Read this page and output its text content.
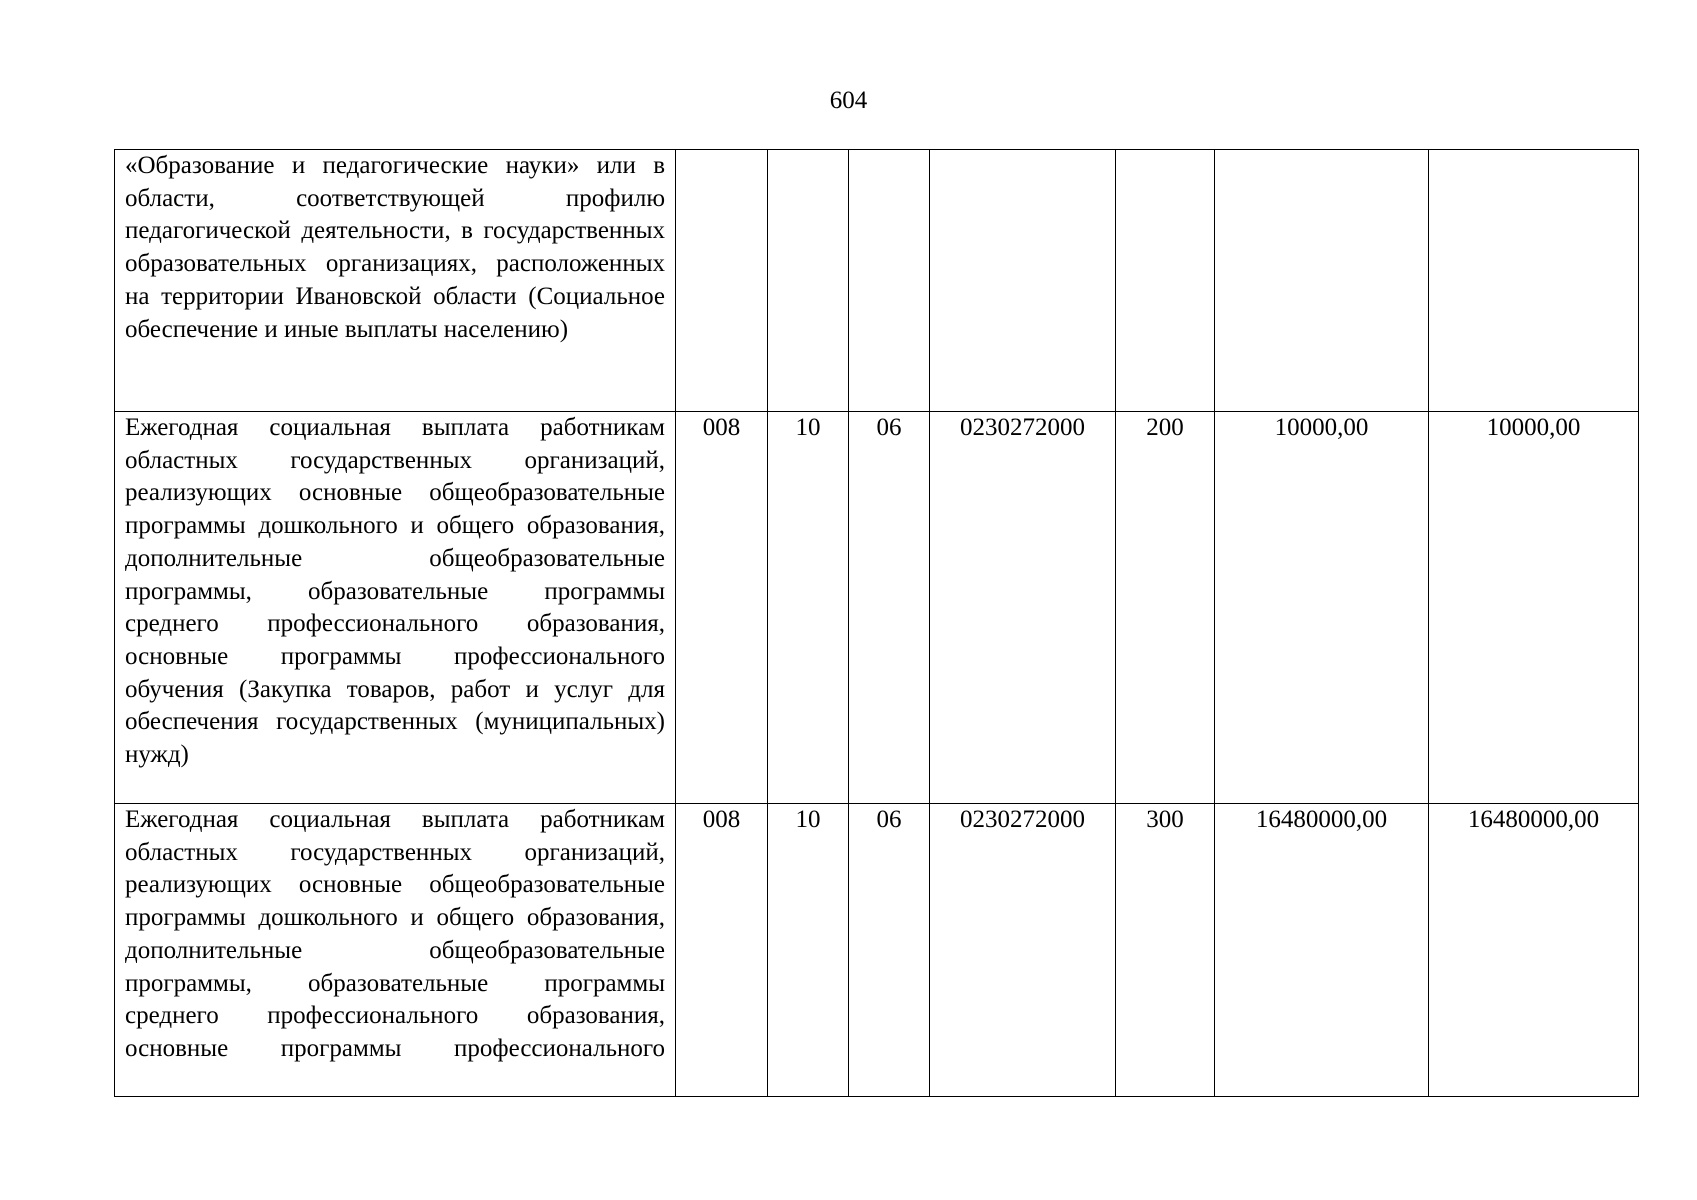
604
«Образование и педагогические науки» или в области, соответствующей профилю педагогической деятельности, в государственных образовательных организациях, расположенных на территории Ивановской области (Социальное обеспечение и иные выплаты населению)							
Ежегодная социальная выплата работникам областных государственных организаций, реализующих основные общеобразовательные программы дошкольного и общего образования, дополнительные общеобразовательные программы, образовательные программы среднего профессионального образования, основные программы профессионального обучения (Закупка товаров, работ и услуг для обеспечения государственных (муниципальных) нужд)	008	10	06	0230272000	200	10000,00	10000,00
Ежегодная социальная выплата работникам областных государственных организаций, реализующих основные общеобразовательные программы дошкольного и общего образования, дополнительные общеобразовательные программы, образовательные программы среднего профессионального образования, основные программы профессионального	008	10	06	0230272000	300	16480000,00	16480000,00
